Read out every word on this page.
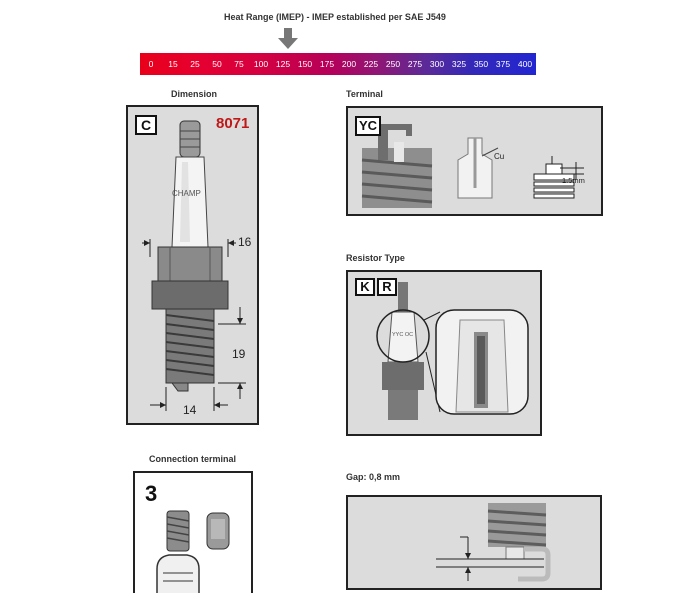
Heat Range (IMEP) - IMEP established per SAE J549
0	15	25	50	75	100 125 150 175 200 225 250 275 300 325 350 375 400
Dimension
C	8071
CHAMP
16
19
14
Terminal
YC
Cu
1.5mm
Resistor Type
K R
YYC OC
Connection terminal
3
Gap: 0,8 mm
